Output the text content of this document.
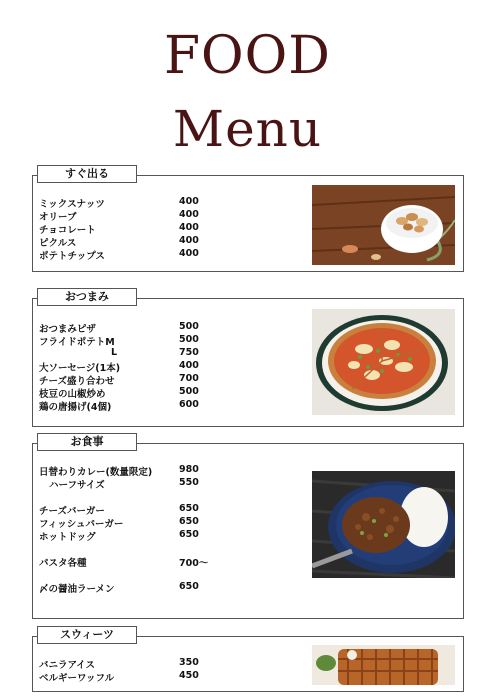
FOOD
Menu
すぐ出る
ミックスナッツ	400
オリーブ	400
チョコレート	400
ピクルス	400
ポテトチップス	400
おつまみ
おつまみピザ	500
フライドポテトM	500
L	750
大ソーセージ(1本)	400
チーズ盛り合わせ	700
枝豆の山椒炒め	500
鶏の唐揚げ(4個)	600
お食事
日替わりカレー(数量限定)	980
ハーフサイズ	550
チーズバーガー	650
フィッシュバーガー	650
ホットドッグ	650
パスタ各種	700〜
〆の醤油ラーメン	650
スウィーツ
バニラアイス	350
ベルギーワッフル	450
